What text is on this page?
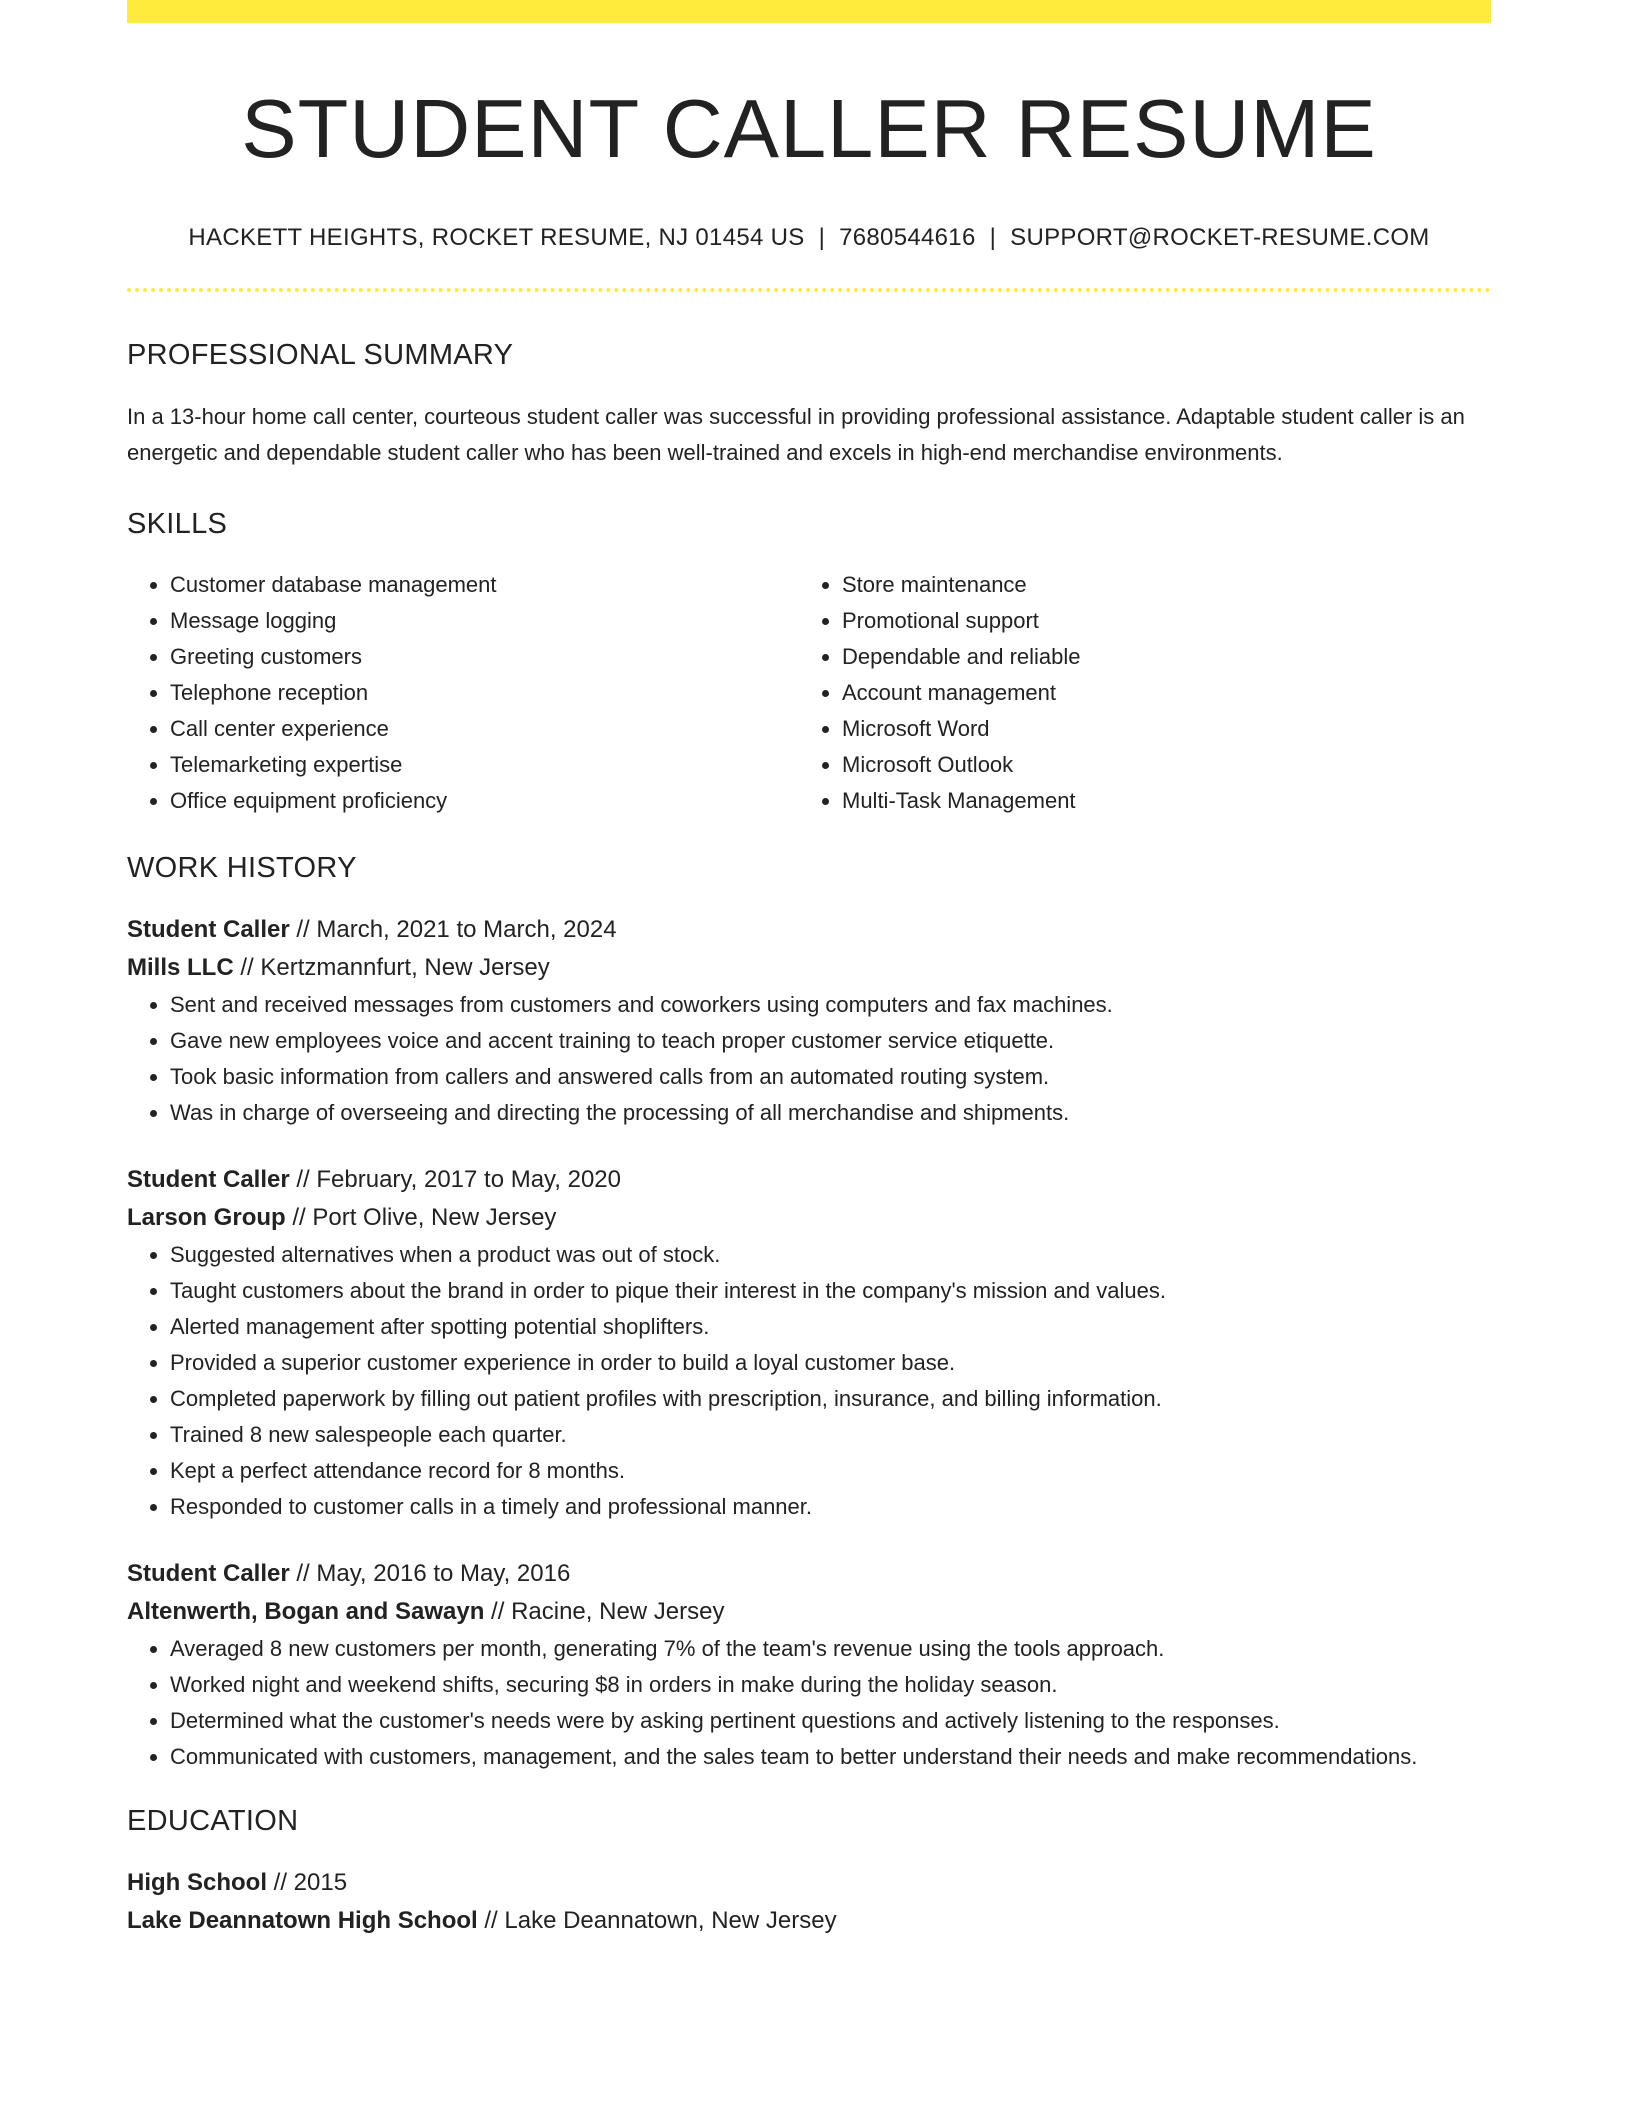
STUDENT CALLER RESUME
HACKETT HEIGHTS, ROCKET RESUME, NJ 01454 US | 7680544616 | SUPPORT@ROCKET-RESUME.COM
PROFESSIONAL SUMMARY

In a 13-hour home call center, courteous student caller was successful in providing professional assistance. Adaptable student caller is an energetic and dependable student caller who has been well-trained and excels in high-end merchandise environments.

SKILLS
• Customer database management
• Message logging
• Greeting customers
• Telephone reception
• Call center experience
• Telemarketing expertise
• Office equipment proficiency
• Store maintenance
• Promotional support
• Dependable and reliable
• Account management
• Microsoft Word
• Microsoft Outlook
• Multi-Task Management
WORK HISTORY

Student Caller // March, 2021 to March, 2024

Mills LLC // Kertzmannfurt, New Jersey

• Sent and received messages from customers and coworkers using computers and fax machines.
• Gave new employees voice and accent training to teach proper customer service etiquette.
• Took basic information from callers and answered calls from an automated routing system.
• Was in charge of overseeing and directing the processing of all merchandise and shipments.

Student Caller // February, 2017 to May, 2020

Larson Group // Port Olive, New Jersey

• Suggested alternatives when a product was out of stock.
• Taught customers about the brand in order to pique their interest in the company's mission and values.
• Alerted management after spotting potential shoplifters.
• Provided a superior customer experience in order to build a loyal customer base.
• Completed paperwork by filling out patient profiles with prescription, insurance, and billing information.
• Trained 8 new salespeople each quarter.
• Kept a perfect attendance record for 8 months.
• Responded to customer calls in a timely and professional manner.

Student Caller // May, 2016 to May, 2016

Altenwerth, Bogan and Sawayn // Racine, New Jersey

• Averaged 8 new customers per month, generating 7% of the team's revenue using the tools approach.
• Worked night and weekend shifts, securing $8 in orders in make during the holiday season.
• Determined what the customer's needs were by asking pertinent questions and actively listening to the responses.
• Communicated with customers, management, and the sales team to better understand their needs and make recommendations.
EDUCATION

High School // 2015

Lake Deannatown High School // Lake Deannatown, New Jersey
